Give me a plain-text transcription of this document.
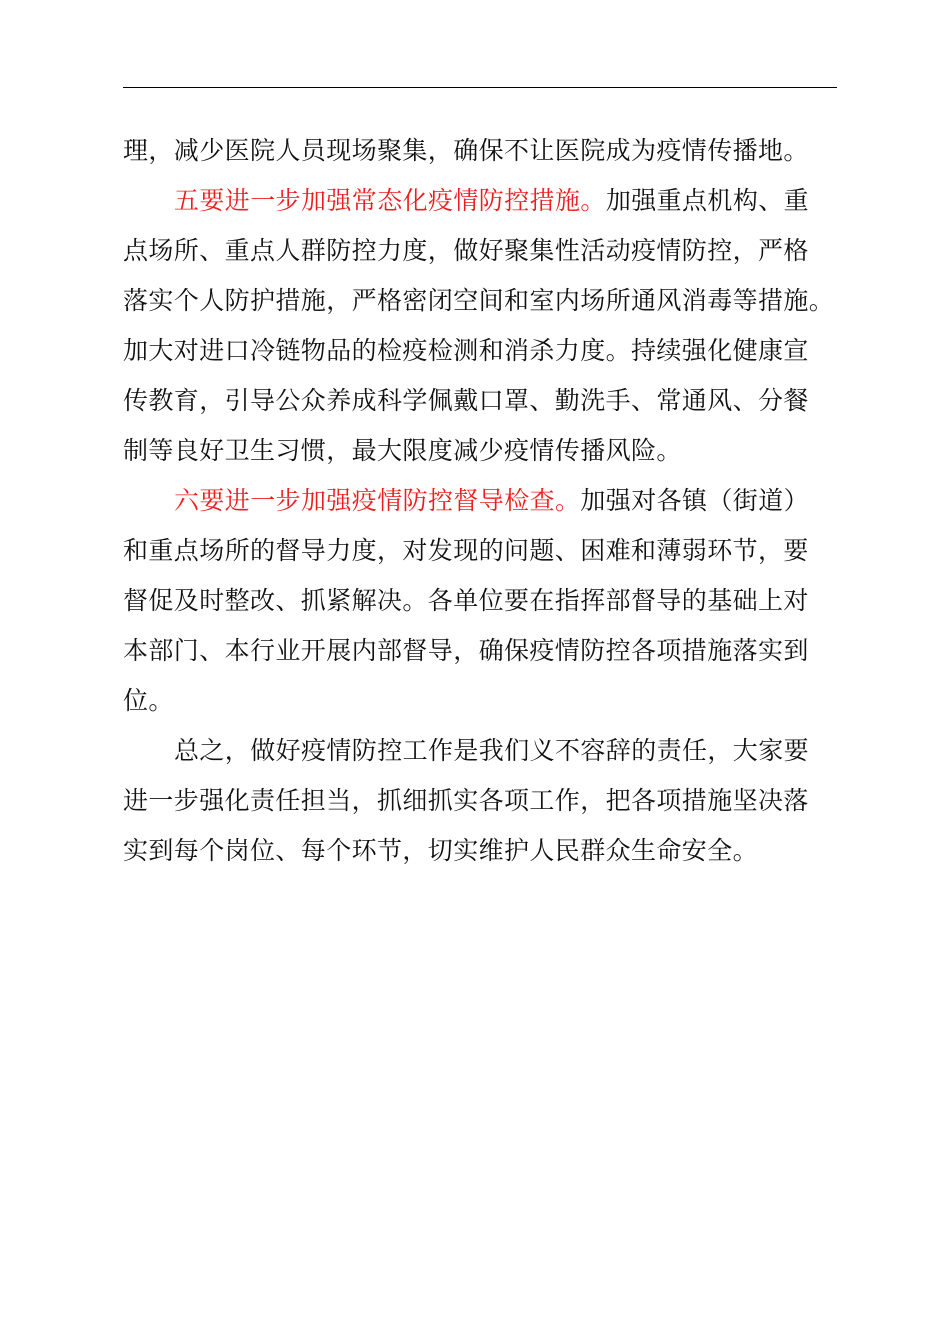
理，减少医院人员现场聚集，确保不让医院成为疫情传播地。
五要进一步加强常态化疫情防控措施。加强重点机构、重
点场所、重点人群防控力度，做好聚集性活动疫情防控，严格
落实个人防护措施，严格密闭空间和室内场所通风消毒等措施。
加大对进口冷链物品的检疫检测和消杀力度。持续强化健康宣
传教育，引导公众养成科学佩戴口罩、勤洗手、常通风、分餐
制等良好卫生习惯，最大限度减少疫情传播风险。
六要进一步加强疫情防控督导检查。加强对各镇（街道）
和重点场所的督导力度，对发现的问题、困难和薄弱环节，要
督促及时整改、抓紧解决。各单位要在指挥部督导的基础上对
本部门、本行业开展内部督导，确保疫情防控各项措施落实到
位。
总之，做好疫情防控工作是我们义不容辞的责任，大家要
进一步强化责任担当，抓细抓实各项工作，把各项措施坚决落
实到每个岗位、每个环节，切实维护人民群众生命安全。
